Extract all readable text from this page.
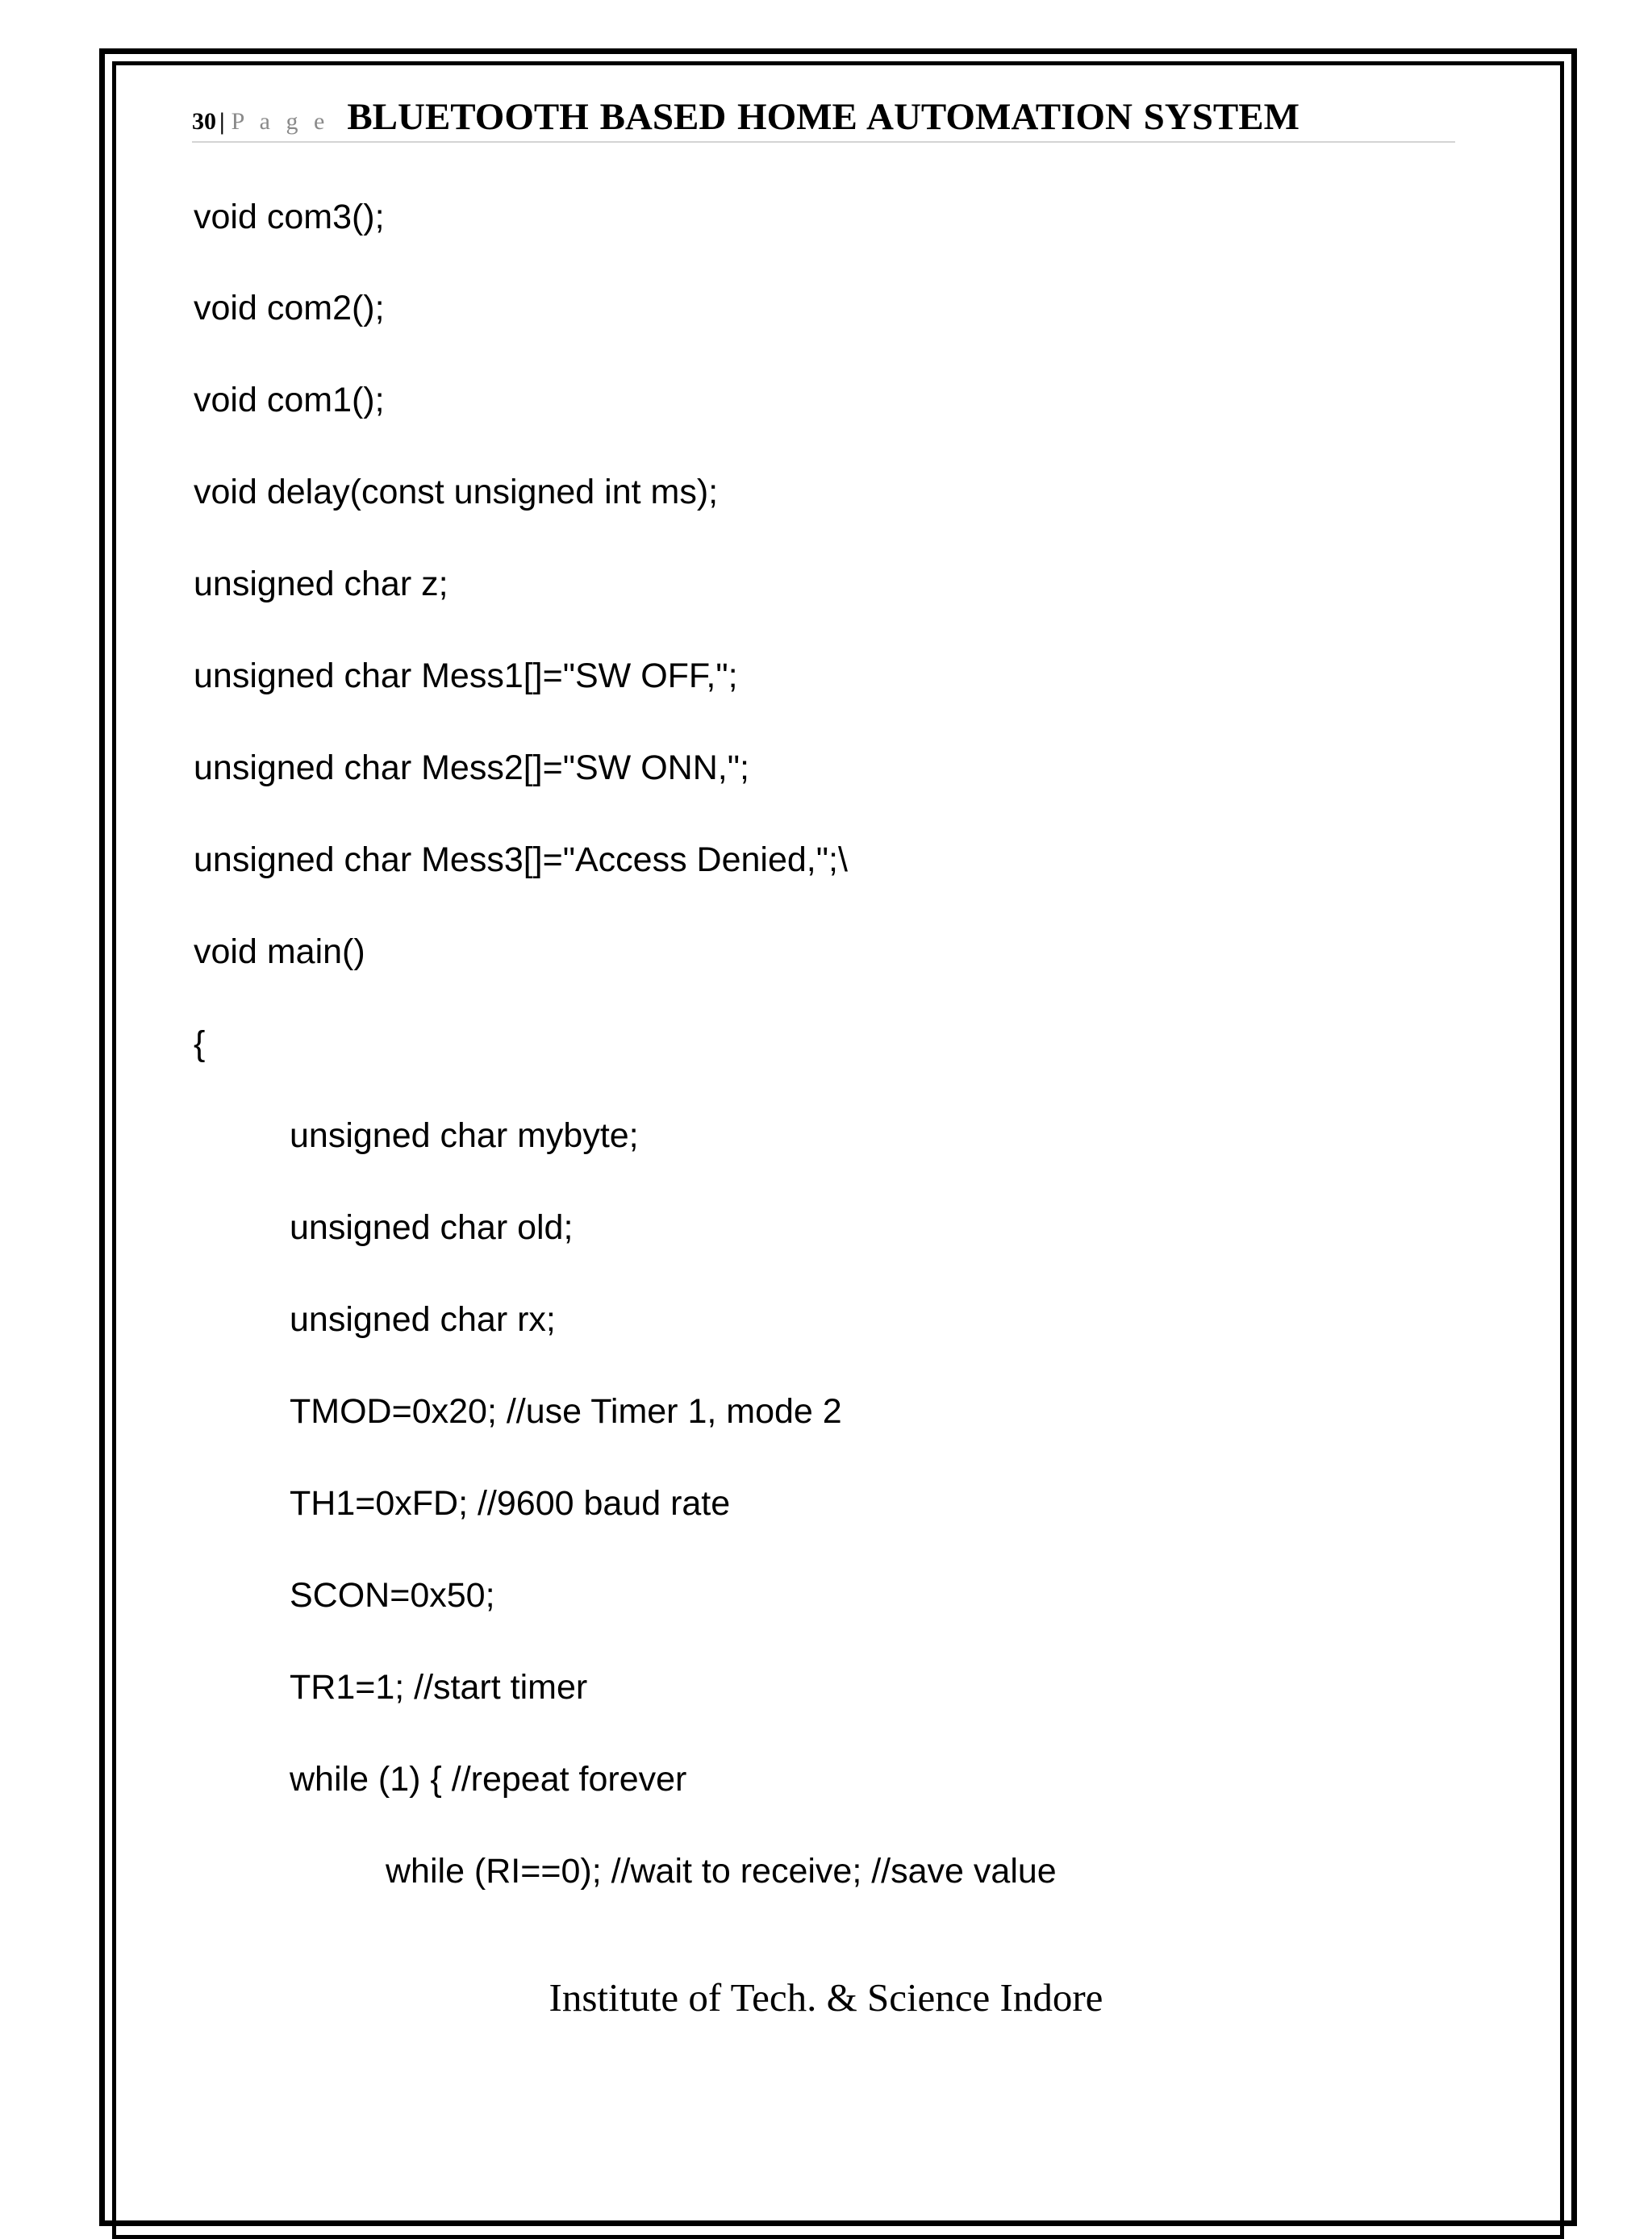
30 | P a g e BLUETOOTH BASED HOME AUTOMATION SYSTEM
void com3();
void com2();
void com1();
void delay(const unsigned int ms);
unsigned char z;
unsigned char Mess1[]="SW OFF,";
unsigned char Mess2[]="SW ONN,";
unsigned char Mess3[]="Access Denied,";\
void main()
{
unsigned char mybyte;
unsigned char old;
unsigned char rx;
TMOD=0x20; //use Timer 1, mode 2
TH1=0xFD; //9600 baud rate
SCON=0x50;
TR1=1; //start timer
while (1) { //repeat forever
while (RI==0); //wait to receive; //save value
Institute of Tech. & Science Indore
